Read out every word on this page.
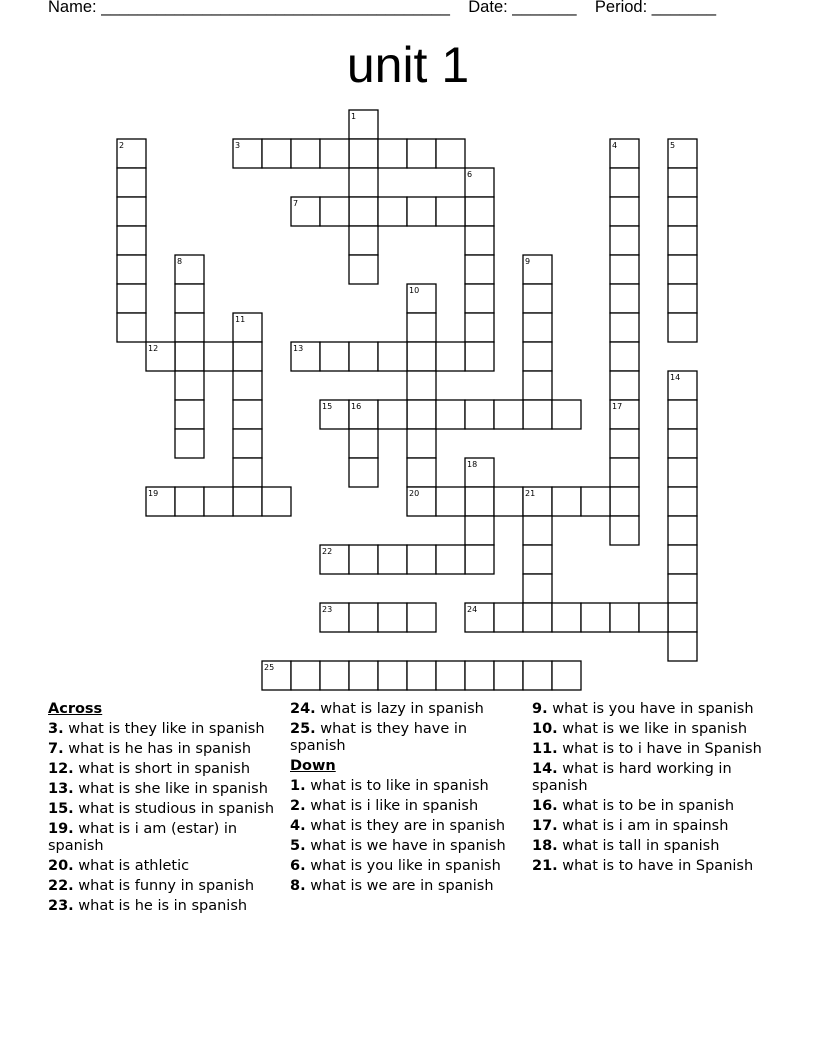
Name: ______________________________________ Date: _______ Period: _______
unit 1
1
2	3	4	5
6
7
8	9
10
11
12	13
14
15 16	17
18
19	20	21
22
23	24
25
Across
3. what is they like in spanish
7. what is he has in spanish
12. what is short in spanish
13. what is she like in spanish
15. what is studious in spanish
19. what is i am (estar) in spanish
20. what is athletic
22. what is funny in spanish
23. what is he is in spanish
24. what is lazy in spanish
25. what is they have in spanish
Down
1. what is to like in spanish
2. what is i like in spanish
4. what is they are in spanish
5. what is we have in spanish
6. what is you like in spanish
8. what is we are in spanish
9. what is you have in spanish
10. what is we like in spanish
11. what is to i have in Spanish
14. what is hard working in spanish
16. what is to be in spanish
17. what is i am in spainsh
18. what is tall in spanish
21. what is to have in Spanish
